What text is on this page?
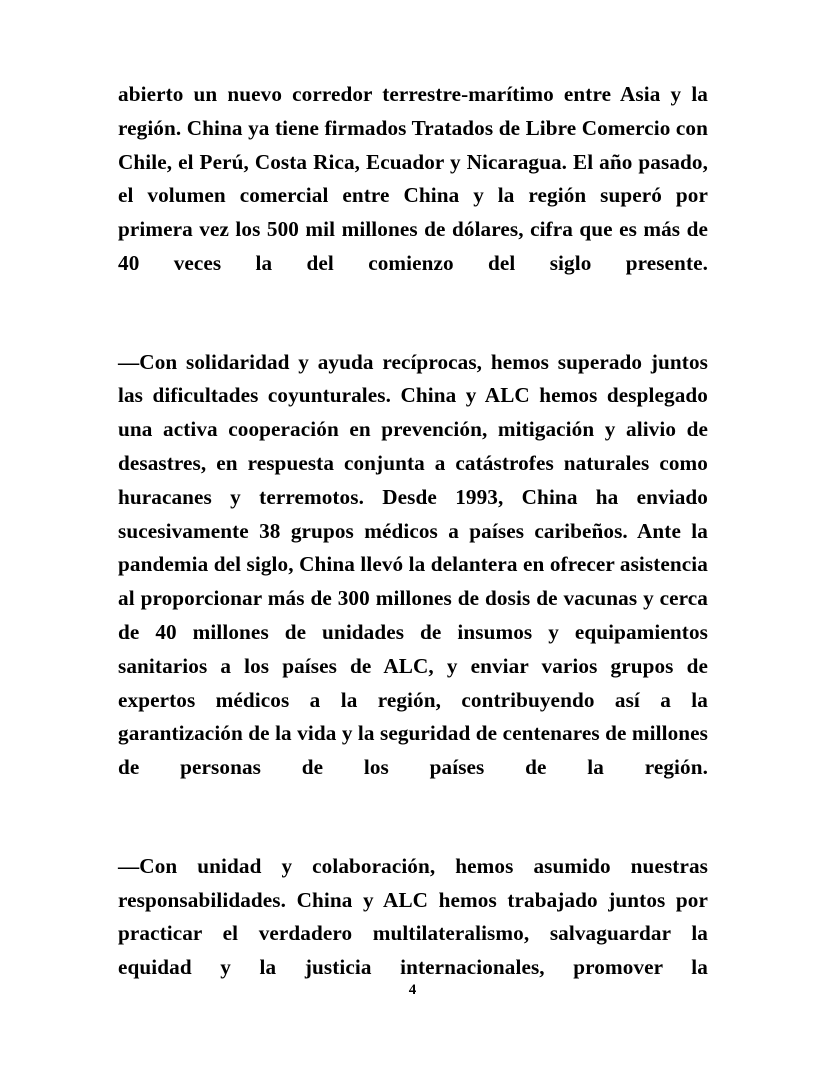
abierto un nuevo corredor terrestre-marítimo entre Asia y la región. China ya tiene firmados Tratados de Libre Comercio con Chile, el Perú, Costa Rica, Ecuador y Nicaragua. El año pasado, el volumen comercial entre China y la región superó por primera vez los 500 mil millones de dólares, cifra que es más de 40 veces la del comienzo del siglo presente.

—Con solidaridad y ayuda recíprocas, hemos superado juntos las dificultades coyunturales. China y ALC hemos desplegado una activa cooperación en prevención, mitigación y alivio de desastres, en respuesta conjunta a catástrofes naturales como huracanes y terremotos. Desde 1993, China ha enviado sucesivamente 38 grupos médicos a países caribeños. Ante la pandemia del siglo, China llevó la delantera en ofrecer asistencia al proporcionar más de 300 millones de dosis de vacunas y cerca de 40 millones de unidades de insumos y equipamientos sanitarios a los países de ALC, y enviar varios grupos de expertos médicos a la región, contribuyendo así a la garantización de la vida y la seguridad de centenares de millones de personas de los países de la región.

—Con unidad y colaboración, hemos asumido nuestras responsabilidades. China y ALC hemos trabajado juntos por practicar el verdadero multilateralismo, salvaguardar la equidad y la justicia internacionales, promover la

4
